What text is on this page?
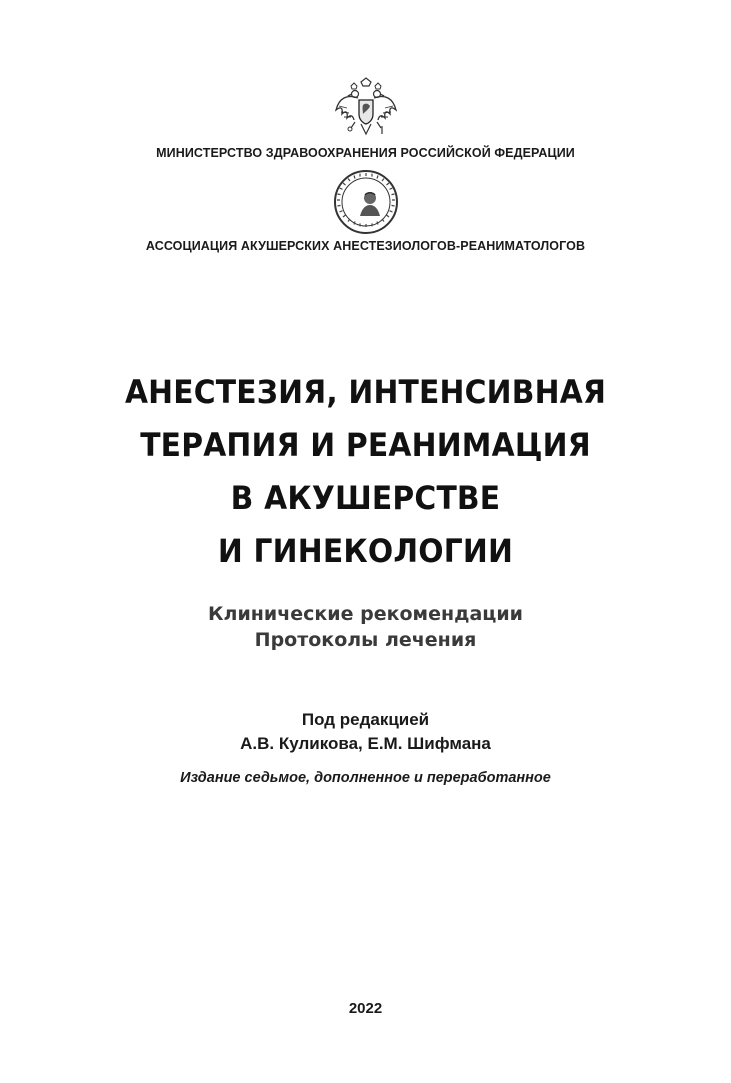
МИНИСТЕРСТВО ЗДРАВООХРАНЕНИЯ РОССИЙСКОЙ ФЕДЕРАЦИИ
АССОЦИАЦИЯ АКУШЕРСКИХ АНЕСТЕЗИОЛОГОВ-РЕАНИМАТОЛОГОВ
АНЕСТЕЗИЯ, ИНТЕНСИВНАЯ
ТЕРАПИЯ И РЕАНИМАЦИЯ
В АКУШЕРСТВЕ
И ГИНЕКОЛОГИИ
Клинические рекомендации
Протоколы лечения
Под редакцией
А.В. Куликова, Е.М. Шифмана
Издание седьмое, дополненное и переработанное
2022
